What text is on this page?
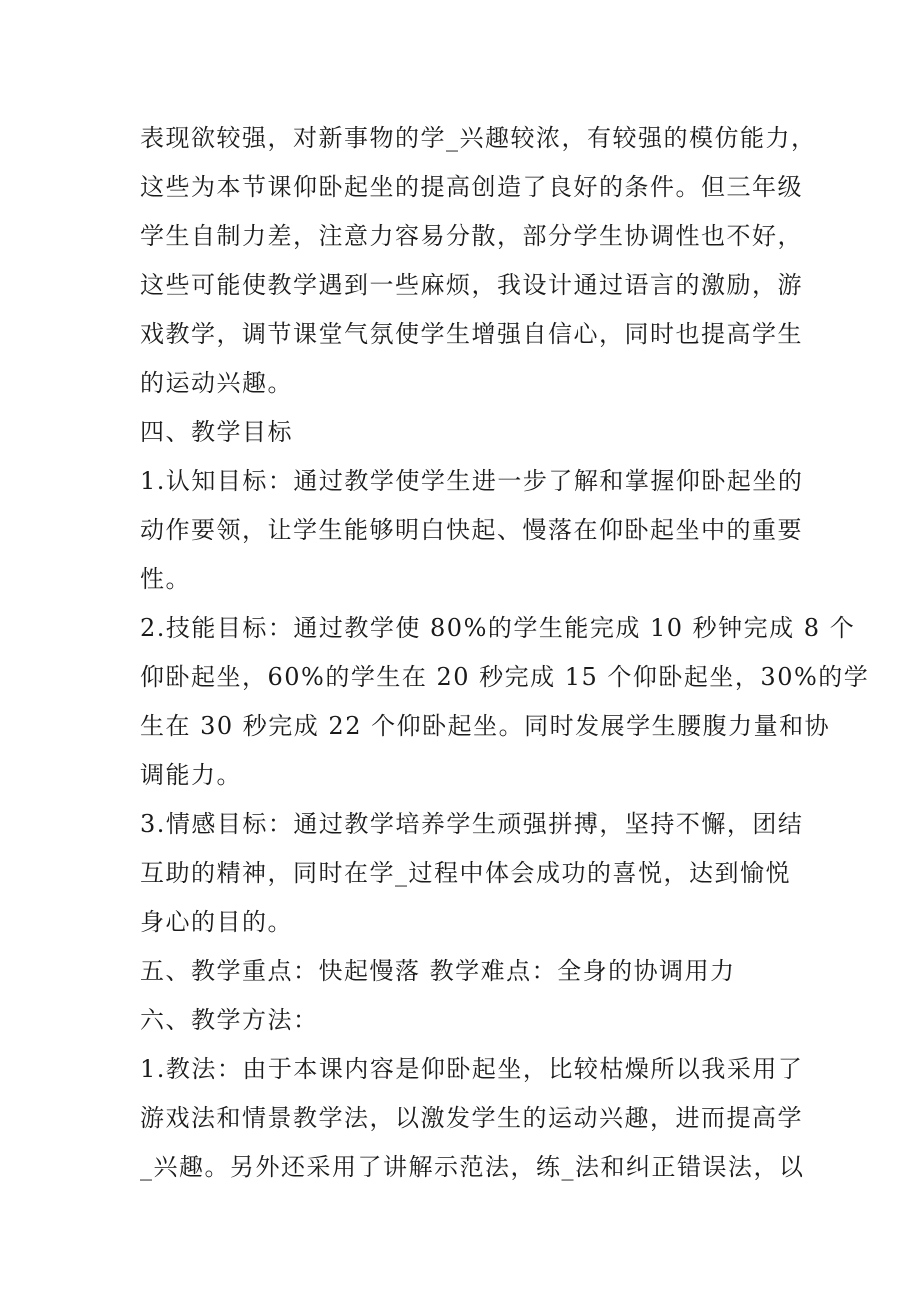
表现欲较强，对新事物的学_兴趣较浓，有较强的模仿能力，
这些为本节课仰卧起坐的提高创造了良好的条件。但三年级
学生自制力差，注意力容易分散，部分学生协调性也不好，
这些可能使教学遇到一些麻烦，我设计通过语言的激励，游
戏教学，调节课堂气氛使学生增强自信心，同时也提高学生
的运动兴趣。
四、教学目标
1.认知目标：通过教学使学生进一步了解和掌握仰卧起坐的
动作要领，让学生能够明白快起、慢落在仰卧起坐中的重要
性。
2.技能目标：通过教学使 80%的学生能完成 10 秒钟完成 8 个
仰卧起坐，60%的学生在 20 秒完成 15 个仰卧起坐，30%的学
生在 30 秒完成 22 个仰卧起坐。同时发展学生腰腹力量和协
调能力。
3.情感目标：通过教学培养学生顽强拼搏，坚持不懈，团结
互助的精神，同时在学_过程中体会成功的喜悦，达到愉悦
身心的目的。
五、教学重点：快起慢落 教学难点：全身的协调用力
六、教学方法：
1.教法：由于本课内容是仰卧起坐，比较枯燥所以我采用了
游戏法和情景教学法，以激发学生的运动兴趣，进而提高学
_兴趣。另外还采用了讲解示范法，练_法和纠正错误法，以
